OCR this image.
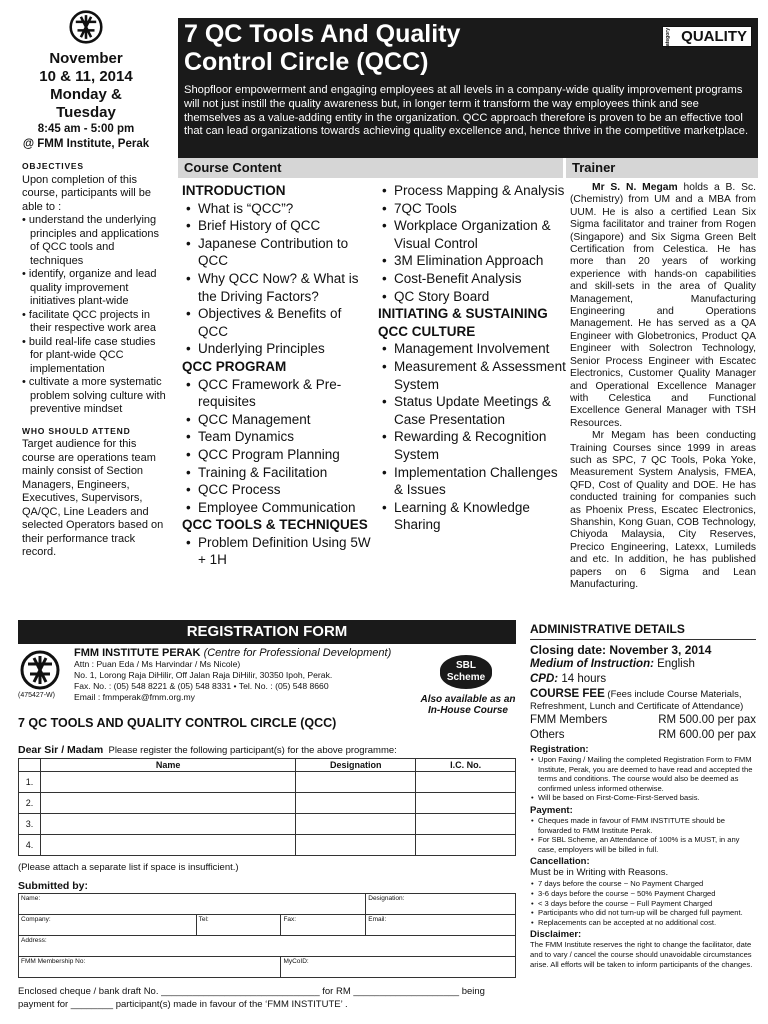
November
10 & 11, 2014
Monday &
Tuesday
8:45 am - 5:00 pm
@ FMM Institute, Perak
OBJECTIVES
Upon completion of this course, participants will be able to :
• understand the underlying principles and applications of QCC tools and techniques
• identify, organize and lead quality improvement initiatives plant-wide
• facilitate QCC projects in their respective work area
• build real-life case studies for plant-wide QCC implementation
• cultivate a more systematic problem solving culture with preventive mindset
WHO SHOULD ATTEND
Target audience for this course are operations team mainly consist of Section Managers, Engineers, Executives, Supervisors, QA/QC, Line Leaders and selected Operators based on their performance track record.
7 QC Tools And Quality
Control Circle (QCC)
category QUALITY
Shopfloor empowerment and engaging employees at all levels in a company-wide quality improvement programs will not just instill the quality awareness but, in longer term it transform the way employees think and see themselves as a value-adding entity in the organization. QCC approach therefore is proven to be an effective tool that can lead organizations towards achieving quality excellence and, hence thrive in the competitive marketplace.
Course Content	Trainer
INTRODUCTION
• What is “QCC”?
• Brief History of QCC
• Japanese Contribution to QCC
• Why QCC Now? & What is the Driving Factors?
• Objectives & Benefits of QCC
• Underlying Principles
QCC PROGRAM
• QCC Framework & Pre-requisites
• QCC Management
• Team Dynamics
• QCC Program Planning
• Training & Facilitation
• QCC Process
• Employee Communication
QCC TOOLS & TECHNIQUES
• Problem Definition Using 5W + 1H
• Process Mapping & Analysis
• 7QC Tools
• Workplace Organization & Visual Control
• 3M Elimination Approach
• Cost-Benefit Analysis
• QC Story Board
INITIATING & SUSTAINING QCC CULTURE
• Management Involvement
• Measurement & Assessment System
• Status Update Meetings & Case Presentation
• Rewarding & Recognition System
• Implementation Challenges & Issues
• Learning & Knowledge Sharing

Mr S. N. Megam holds a B. Sc. (Chemistry) from UM and a MBA from UUM. He is also a certified Lean Six Sigma facilitator and trainer from Rogen (Singapore) and Six Sigma Green Belt Certification from Celestica. He has more than 20 years of working experience with hands-on capabilities and skill-sets in the area of Quality Management, Manufacturing Engineering and Operations Management. He has served as a QA Engineer with Globetronics, Product QA Engineer with Solectron Technology, Senior Process Engineer with Escatec Electronics, Customer Quality Manager and Operational Excellence Manager with Celestica and Functional Excellence General Manager with TSH Resources.

Mr Megam has been conducting Training Courses since 1999 in areas such as SPC, 7 QC Tools, Poka Yoke, Measurement System Analysis, FMEA, QFD, Cost of Quality and DOE. He has conducted training for companies such as Phoenix Press, Escatec Electronics, Shanshin, Kong Guan, COB Technology, Chiyoda Malaysia, City Reserves, Precico Engineering, Latexx, Lumileds and etc. In addition, he has published papers on 6 Sigma and Lean Manufacturing.

REGISTRATION FORM
FMM INSTITUTE PERAK (Centre for Professional Development)
Attn : Puan Eda / Ms Harvindar / Ms Nicole)
No. 1, Lorong Raja DiHilir, Off Jalan Raja DiHilir, 30350 Ipoh, Perak.
Fax. No. : (05) 548 8221 & (05) 548 8331 • Tel. No. : (05) 548 8660
Email : fmmperak@fmm.org.my
(475427-W)
SBL
Scheme
Also available as an In-House Course
7 QC TOOLS AND QUALITY CONTROL CIRCLE (QCC)
Dear Sir / Madam Please register the following participant(s) for the above programme:
	Name	Designation	I.C. No.
1.			
2.			
3.			
4.			
(Please attach a separate list if space is insufficient.)
Submitted by:
Name:			Designation:
Company:	Tel:	Fax:	Email:
Address:			
FMM Membership No:		MyCoID:	
Enclosed cheque / bank draft No. ______________________________ for RM ____________________ being payment for ________ participant(s) made in favour of the ‘FMM INSTITUTE’ .
ADMINISTRATIVE DETAILS
Closing date: November 3, 2014
Medium of Instruction: English
CPD: 14 hours
COURSE FEE (Fees include Course Materials, Refreshment, Lunch and Certificate of Attendance)
FMM Members	RM 500.00 per pax
Others	RM 600.00 per pax
Registration:
• Upon Faxing / Mailing the completed Registration Form to FMM Institute, Perak, you are deemed to have read and accepted the terms and conditions. The course would also be deemed as confirmed unless informed otherwise.
• Will be based on First-Come-First-Served basis.
Payment:
• Cheques made in favour of FMM INSTITUTE should be forwarded to FMM Institute Perak.
• For SBL Scheme, an Attendance of 100% is a MUST, in any case, employers will be billed in full.
Cancellation:
Must be in Writing with Reasons.
• 7 days before the course ~ No Payment Charged
• 3-6 days before the course ~ 50% Payment Charged
• < 3 days before the course ~ Full Payment Charged
• Participants who did not turn-up will be charged full payment.
• Replacements can be accepted at no additional cost.
Disclaimer:
The FMM Institute reserves the right to change the facilitator, date and to vary / cancel the course should unavoidable circumstances arise. All efforts will be taken to inform participants of the changes.
